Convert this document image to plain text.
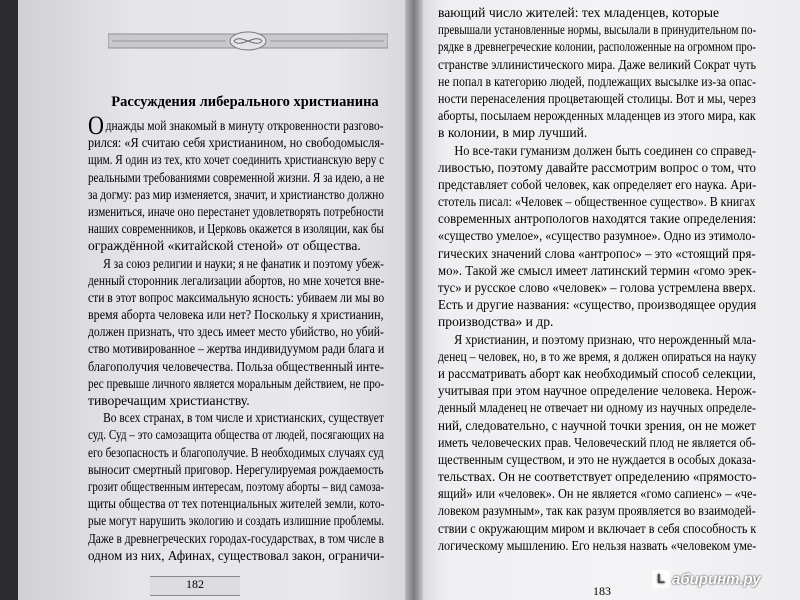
Рассуждения либерального христианина
Однажды мой знакомый в минуту откровенности разгово-
рился: «Я считаю себя христианином, но свободомысля-
щим. Я один из тех, кто хочет соединить христианскую веру с
реальными требованиями современной жизни. Я за идею, а не
за догму: раз мир изменяется, значит, и христианство должно
измениться, иначе оно перестанет удовлетворять потребности
наших современников, и Церковь окажется в изоляции, как бы
ограждённой «китайской стеной» от общества.
Я за союз религии и науки; я не фанатик и поэтому убеж-
денный сторонник легализации абортов, но мне хочется вне-
сти в этот вопрос максимальную ясность: убиваем ли мы во
время аборта человека или нет? Поскольку я христианин,
должен признать, что здесь имеет место убийство, но убий-
ство мотивированное – жертва индивидуумом ради блага и
благополучия человечества. Польза общественный инте-
рес превыше личного является моральным действием, не про-
тиворечащим христианству.
Во всех странах, в том числе и христианских, существует
суд. Суд – это самозащита общества от людей, посягающих на
его безопасность и благополучие. В необходимых случаях суд
выносит смертный приговор. Нерегулируемая рождаемость
грозит общественным интересам, поэтому аборты – вид самоза-
щиты общества от тех потенциальных жителей земли, кото-
рые могут нарушить экологию и создать излишние проблемы.
Даже в древнегреческих городах-государствах, в том числе в
одном из них, Афинах, существовал закон, ограничи-
вающий число жителей: тех младенцев, которые
превышали установленные нормы, высылали в принудительном по-
рядке в древнегреческие колонии, расположенные на огромном про-
странстве эллинистического мира. Даже великий Сократ чуть
не попал в категорию людей, подлежащих высылке из-за опас-
ности перенаселения процветающей столицы. Вот и мы, через
аборты, посылаем нерожденных младенцев из этого мира, как
в колонии, в мир лучший.
Но все-таки гуманизм должен быть соединен со справед-
ливостью, поэтому давайте рассмотрим вопрос о том, что
представляет собой человек, как определяет его наука. Ари-
стотель писал: «Человек – общественное существо». В книгах
современных антропологов находятся такие определения:
«существо умелое», «существо разумное». Одно из этимоло-
гических значений слова «антропос» – это «стоящий пря-
мо». Такой же смысл имеет латинский термин «гомо эрек-
тус» и русское слово «человек» – голова устремлена вверх.
Есть и другие названия: «существо, производящее орудия
производства» и др.
Я христианин, и поэтому признаю, что нерожденный мла-
денец – человек, но, в то же время, я должен опираться на науку
и рассматривать аборт как необходимый способ селекции,
учитывая при этом научное определение человека. Нерож-
денный младенец не отвечает ни одному из научных определе-
ний, следовательно, с научной точки зрения, он не может
иметь человеческих прав. Человеческий плод не является об-
щественным существом, и это не нуждается в особых доказа-
тельствах. Он не соответствует определению «прямосто-
ящий» или «человек». Он не является «гомо сапиенс» – «че-
ловеком разумным», так как разум проявляется во взаимодей-
ствии с окружающим миром и включает в себя способность к
логическому мышлению. Его нельзя назвать «человеком уме-
182	183
L абиринт.ру
